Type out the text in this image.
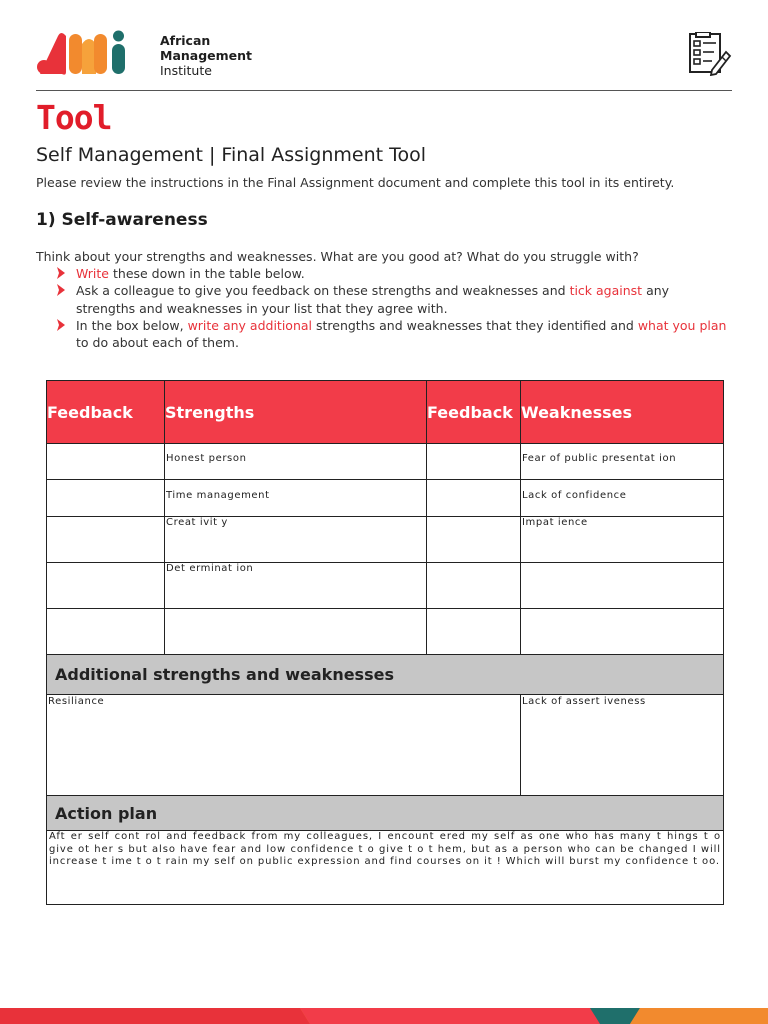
AMI
African
Management
Institute
Tool
Self Management | Final Assignment Tool
Please review the instructions in the Final Assignment document and complete this tool in its entirety.
1) Self-awareness
Think about your strengths and weaknesses. What are you good at? What do you struggle with?
Write these down in the table below.
Ask a colleague to give you feedback on these strengths and weaknesses and tick against any strengths and weaknesses in your list that they agree with.
In the box below, write any additional strengths and weaknesses that they identified and what you plan to do about each of them.
Feedback	Strengths	Feedback	Weaknesses

	Honest person		Fear of public presentat ion

	Time management		Lack of confidence

	Creat ivit y		Impat ience

	Det erminat ion		

Additional strengths and weaknesses			

Resiliance			Lack of assert iveness

Action plan			
Aft er self cont rol and feedback from my colleagues, I encount ered my self as one who has many t hings t o give ot her s but also have fear and low confidence t o give t o t hem, but as a person who can be changed I will increase t ime t o t rain my self on public expression and find courses on it ! Which will burst my confidence t oo.			
